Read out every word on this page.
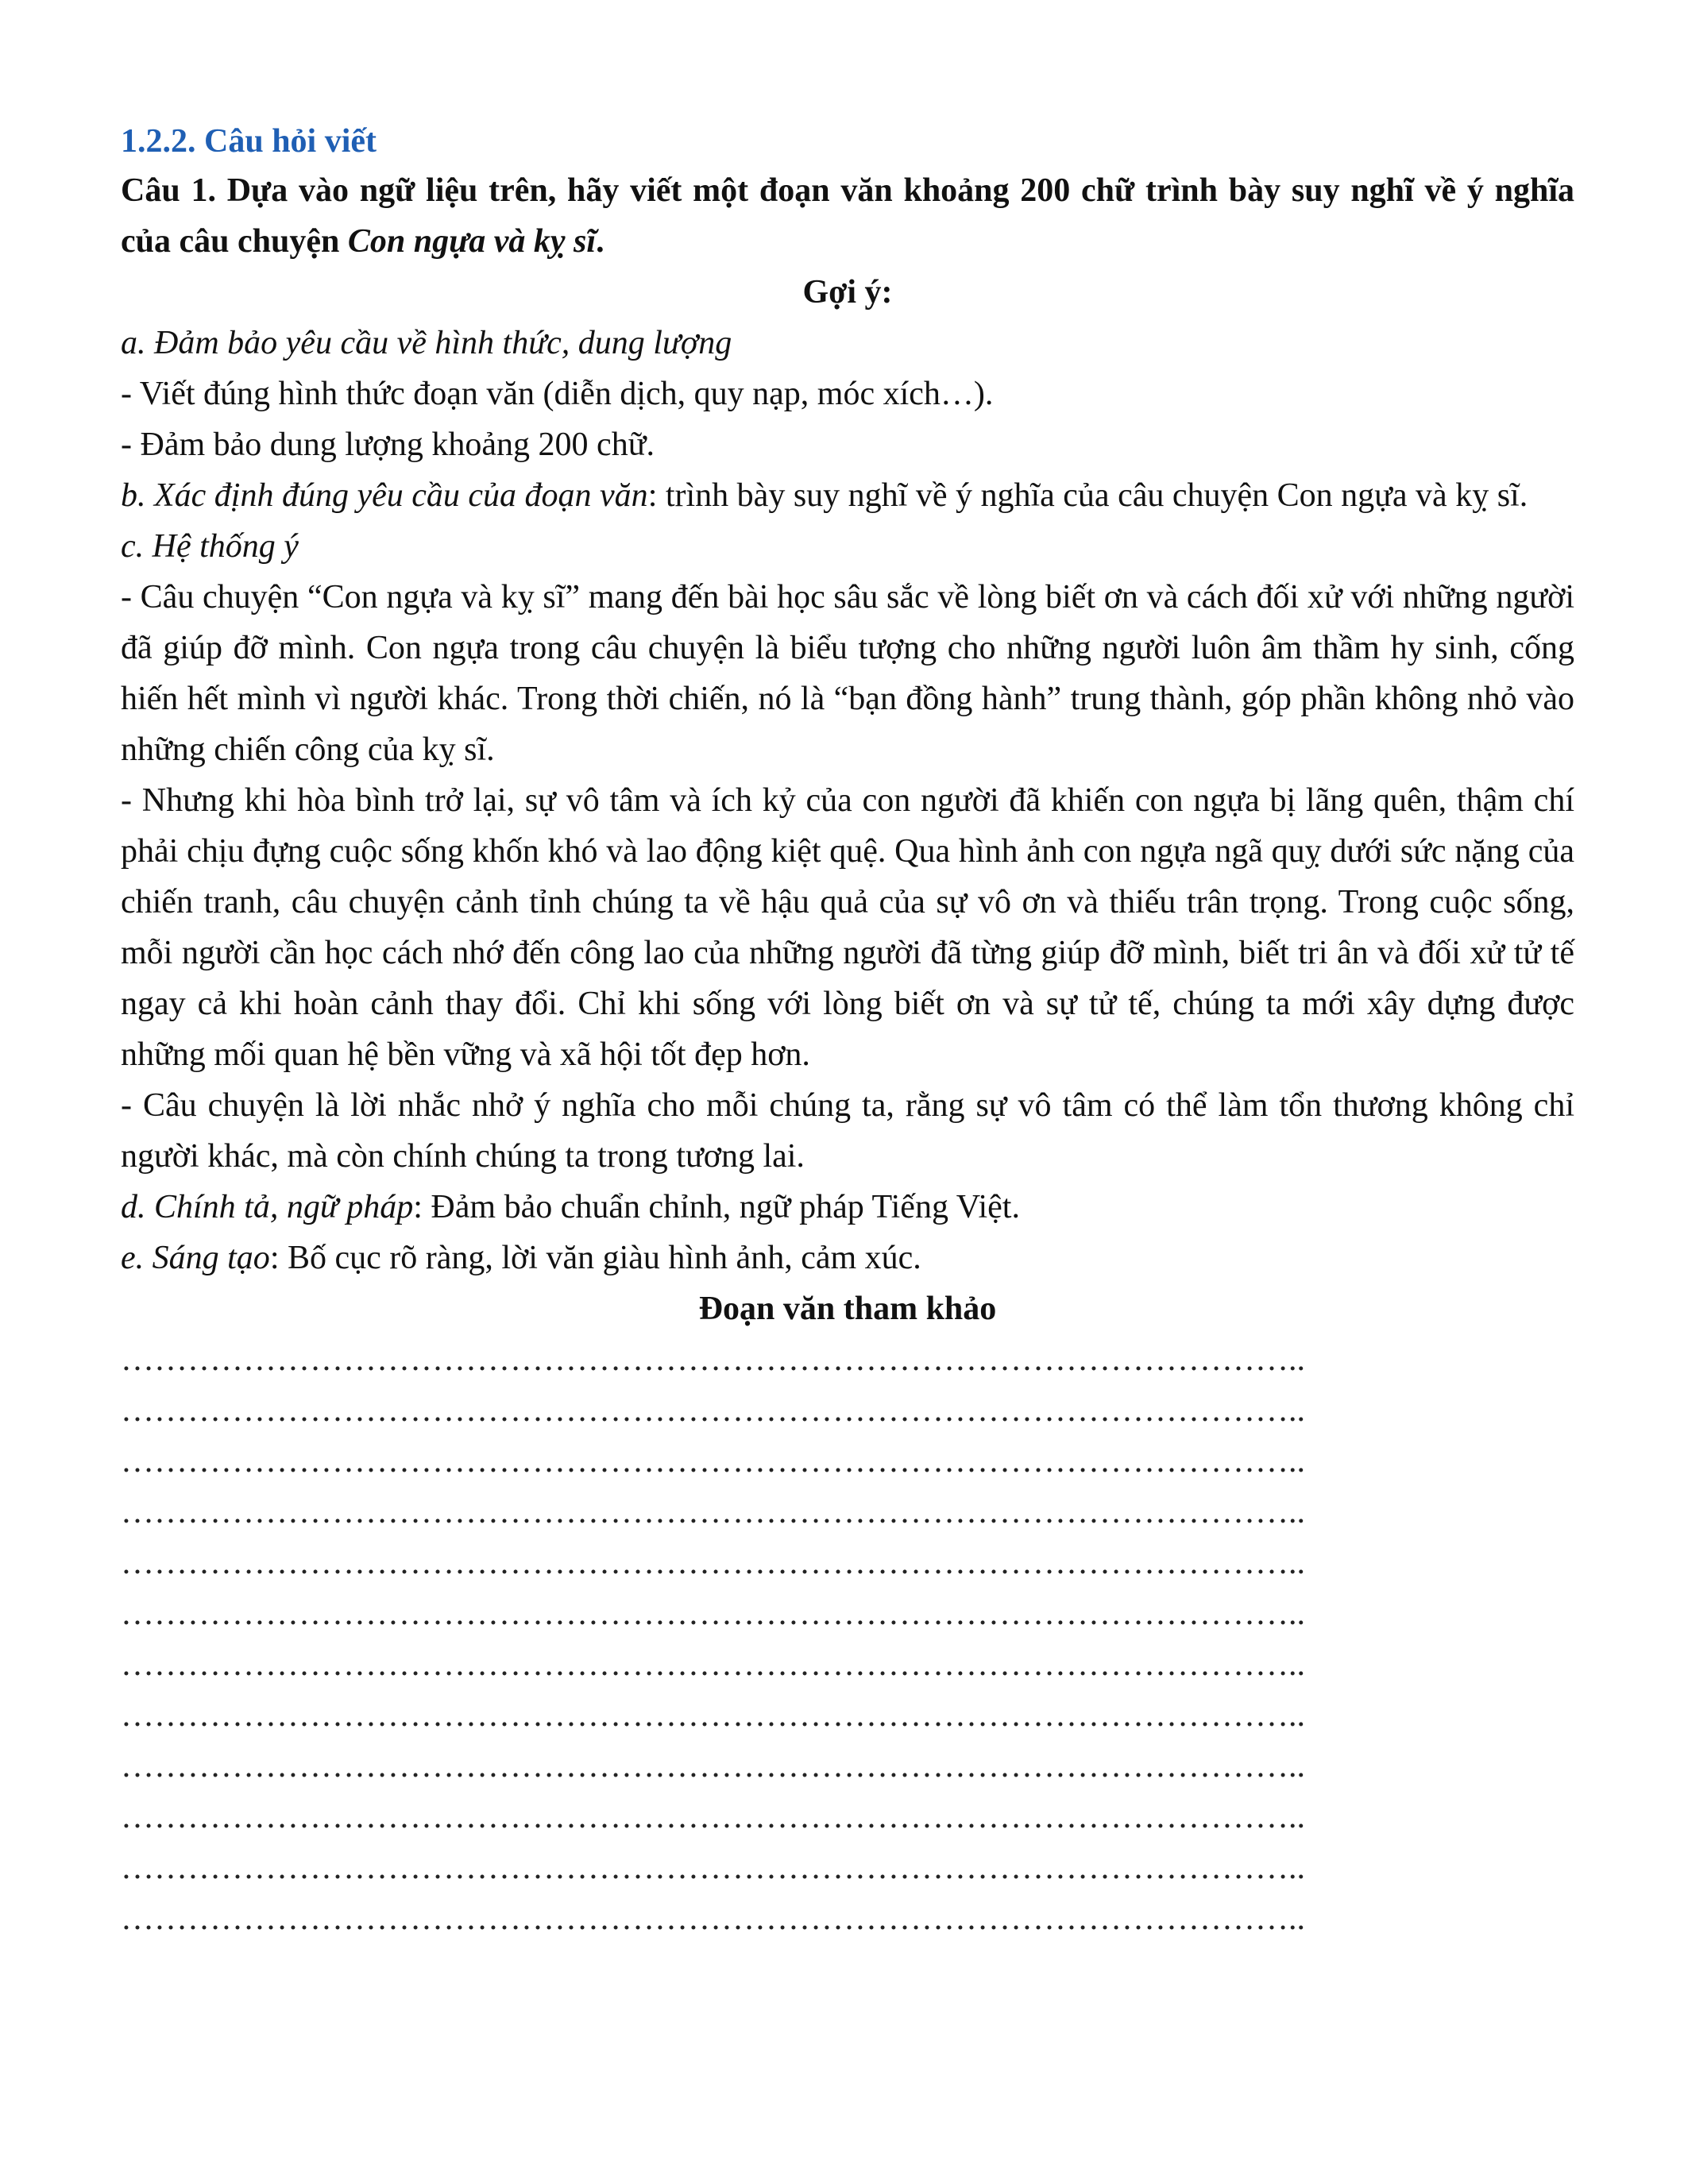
1.2.2. Câu hỏi viết

Câu 1. Dựa vào ngữ liệu trên, hãy viết một đoạn văn khoảng 200 chữ trình bày suy nghĩ về ý nghĩa của câu chuyện Con ngựa và kỵ sĩ.

Gợi ý:

a. Đảm bảo yêu cầu về hình thức, dung lượng

- Viết đúng hình thức đoạn văn (diễn dịch, quy nạp, móc xích…).

- Đảm bảo dung lượng khoảng 200 chữ.

b. Xác định đúng yêu cầu của đoạn văn: trình bày suy nghĩ về ý nghĩa của câu chuyện Con ngựa và kỵ sĩ.

c. Hệ thống ý

- Câu chuyện “Con ngựa và kỵ sĩ” mang đến bài học sâu sắc về lòng biết ơn và cách đối xử với những người đã giúp đỡ mình. Con ngựa trong câu chuyện là biểu tượng cho những người luôn âm thầm hy sinh, cống hiến hết mình vì người khác. Trong thời chiến, nó là “bạn đồng hành” trung thành, góp phần không nhỏ vào những chiến công của kỵ sĩ.

- Nhưng khi hòa bình trở lại, sự vô tâm và ích kỷ của con người đã khiến con ngựa bị lãng quên, thậm chí phải chịu đựng cuộc sống khốn khó và lao động kiệt quệ. Qua hình ảnh con ngựa ngã quỵ dưới sức nặng của chiến tranh, câu chuyện cảnh tỉnh chúng ta về hậu quả của sự vô ơn và thiếu trân trọng. Trong cuộc sống, mỗi người cần học cách nhớ đến công lao của những người đã từng giúp đỡ mình, biết tri ân và đối xử tử tế ngay cả khi hoàn cảnh thay đổi. Chỉ khi sống với lòng biết ơn và sự tử tế, chúng ta mới xây dựng được những mối quan hệ bền vững và xã hội tốt đẹp hơn.

- Câu chuyện là lời nhắc nhở ý nghĩa cho mỗi chúng ta, rằng sự vô tâm có thể làm tổn thương không chỉ người khác, mà còn chính chúng ta trong tương lai.

d. Chính tả, ngữ pháp: Đảm bảo chuẩn chỉnh, ngữ pháp Tiếng Việt.

e. Sáng tạo: Bố cục rõ ràng, lời văn giàu hình ảnh, cảm xúc.

Đoạn văn tham khảo
……………………………………………………………………………………………..
……………………………………………………………………………………………..
……………………………………………………………………………………………..
……………………………………………………………………………………………..
……………………………………………………………………………………………..
……………………………………………………………………………………………..
……………………………………………………………………………………………..
……………………………………………………………………………………………..
……………………………………………………………………………………………..
……………………………………………………………………………………………..
……………………………………………………………………………………………..
……………………………………………………………………………………………..
